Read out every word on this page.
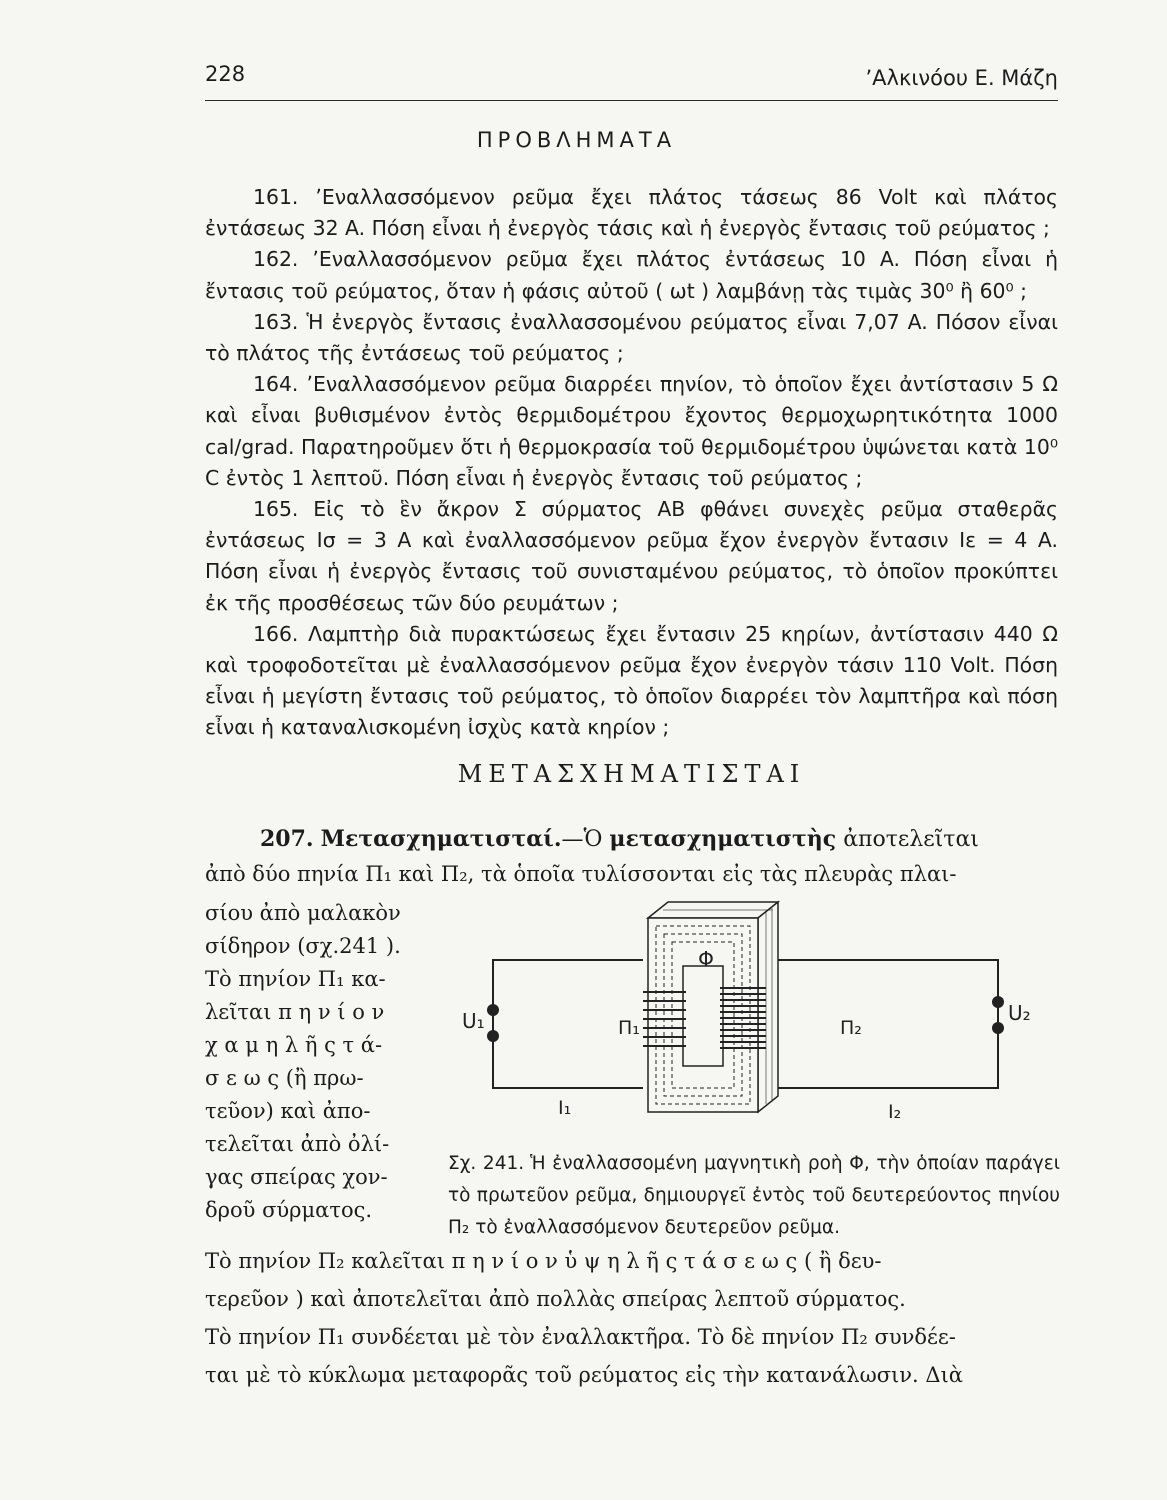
228	ʼΑλκινόου Ε. Μάζη
ΠΡΟΒΛΗΜΑΤΑ

161. ʼΕναλλασσόμενον ρεῦμα ἔχει πλάτος τάσεως 86 Volt καὶ πλάτος ἐντάσεως 32 A. Πόση εἶναι ἡ ἐνεργὸς τάσις καὶ ἡ ἐνεργὸς ἔντασις τοῦ ρεύματος ;

162. ʼΕναλλασσόμενον ρεῦμα ἔχει πλάτος ἐντάσεως 10 A. Πόση εἶναι ἡ ἔντασις τοῦ ρεύματος, ὅταν ἡ φάσις αὐτοῦ ( ωt ) λαμβάνῃ τὰς τιμὰς 30⁰ ἢ 60⁰ ;

163. Ἡ ἐνεργὸς ἔντασις ἐναλλασσομένου ρεύματος εἶναι 7,07 A. Πόσον εἶναι τὸ πλάτος τῆς ἐντάσεως τοῦ ρεύματος ;

164. ʼΕναλλασσόμενον ρεῦμα διαρρέει πηνίον, τὸ ὁποῖον ἔχει ἀντίστασιν 5 Ω καὶ εἶναι βυθισμένον ἐντὸς θερμιδομέτρου ἔχοντος θερμοχωρητικότητα 1000 cal/grad. Παρατηροῦμεν ὅτι ἡ θερμοκρασία τοῦ θερμιδομέτρου ὑψώνεται κατὰ 10⁰ C ἐντὸς 1 λεπτοῦ. Πόση εἶναι ἡ ἐνεργὸς ἔντασις τοῦ ρεύματος ;

165. Εἰς τὸ ἓν ἄκρον Σ σύρματος AB φθάνει συνεχὲς ρεῦμα σταθερᾶς ἐντάσεως Iσ = 3 A καὶ ἐναλλασσόμενον ρεῦμα ἔχον ἐνεργὸν ἔντασιν Iε = 4 A. Πόση εἶναι ἡ ἐνεργὸς ἔντασις τοῦ συνισταμένου ρεύματος, τὸ ὁποῖον προκύπτει ἐκ τῆς προσθέσεως τῶν δύο ρευμάτων ;

166. Λαμπτὴρ διὰ πυρακτώσεως ἔχει ἔντασιν 25 κηρίων, ἀντίστασιν 440 Ω καὶ τροφοδοτεῖται μὲ ἐναλλασσόμενον ρεῦμα ἔχον ἐνεργὸν τάσιν 110 Volt. Πόση εἶναι ἡ μεγίστη ἔντασις τοῦ ρεύματος, τὸ ὁποῖον διαρρέει τὸν λαμπτῆρα καὶ πόση εἶναι ἡ καταναλισκομένη ἰσχὺς κατὰ κηρίον ;

ΜΕΤΑΣΧΗΜΑΤΙΣΤΑΙ
207. Μετασχηματισταί.—Ὁ μετασχηματιστὴς ἀποτελεῖται
ἀπὸ δύο πηνία Π₁ καὶ Π₂, τὰ ὁποῖα τυλίσσονται εἰς τὰς πλευρὰς πλαι-
σίου ἀπὸ μαλακὸν
σίδηρον (σχ.241 ).
Τὸ πηνίον Π₁ κα-
λεῖται π η ν ί ο ν
χ α μ η λ ῆ ς τ ά-
σ ε ω ς (ἢ πρω-
τεῦον) καὶ ἀπο-
τελεῖται ἀπὸ ὀλί-
γας σπείρας χον-
δροῦ σύρματος.
Φ
U₁	U₂
Π₁	Π₂
I₁	I₂

Σχ. 241. Ἡ ἐναλλασσομένη μαγνητικὴ ροὴ Φ, τὴν ὁποίαν παράγει τὸ πρωτεῦον ρεῦμα, δημιουργεῖ ἐντὸς τοῦ δευτερεύοντος πηνίου Π₂ τὸ ἐναλλασσόμενον δευτερεῦον ρεῦμα.

Τὸ πηνίον Π₂ καλεῖται π η ν ί ο ν ὑ ψ η λ ῆ ς τ ά σ ε ω ς ( ἢ δευ-
τερεῦον ) καὶ ἀποτελεῖται ἀπὸ πολλὰς σπείρας λεπτοῦ σύρματος.
Τὸ πηνίον Π₁ συνδέεται μὲ τὸν ἐναλλακτῆρα. Τὸ δὲ πηνίον Π₂ συνδέε-
ται μὲ τὸ κύκλωμα μεταφορᾶς τοῦ ρεύματος εἰς τὴν κατανάλωσιν. Διὰ
